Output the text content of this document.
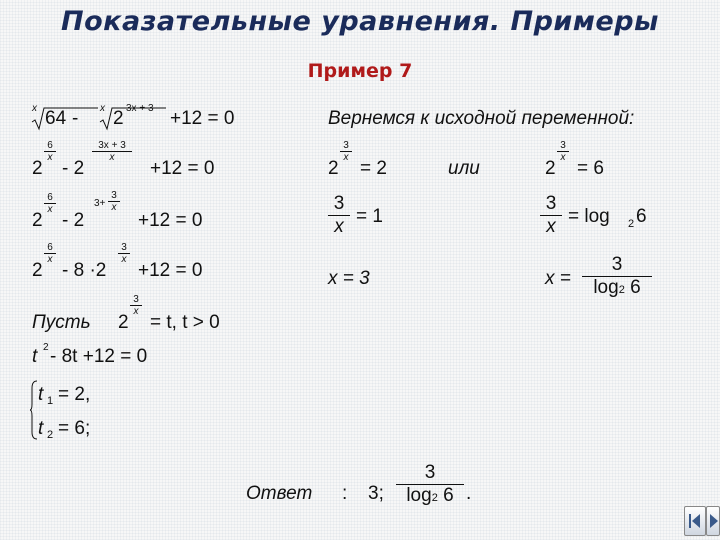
Показательные уравнения. Примеры
Пример 7
x 64 - x 2 3x + 3 +12 = 0
2
6
x
- 2
3x + 3
x
+12 = 0
2
6
x
- 2
3+
3
x
+12 = 0
2
6
x
- 8 ·2
3
x
+12 = 0
Пусть 2
3
x
= t, t > 0
t 2 - 8t +12 = 0
t 1 = 2,
t 2 = 6;
Вернемся к исходной переменной:
2
3
x
= 2	или	2
3
x
= 6
3
x = 1
3
x = log 2 6
x = 3	x =
3
log2 6
Ответ : 3;
3
log2 6 .
